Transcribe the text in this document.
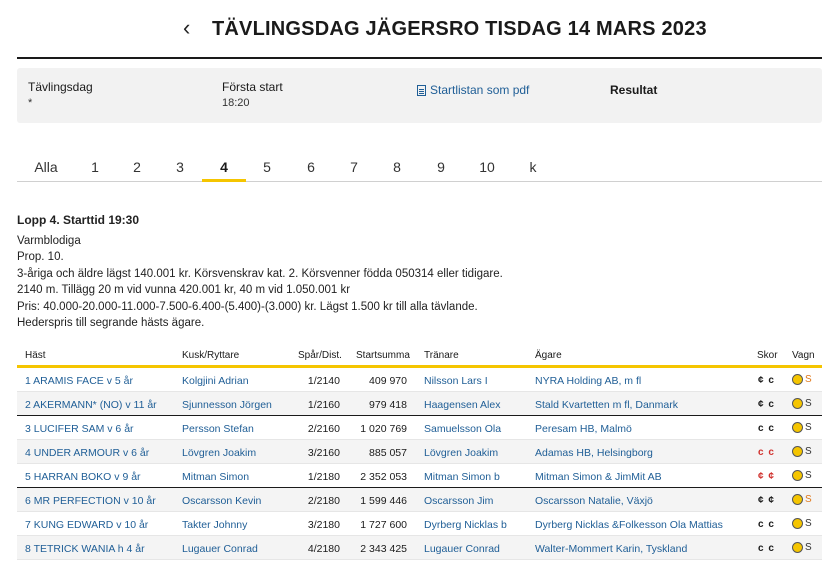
‹ TÄVLINGSDAG JÄGERSRO TISDAG 14 MARS 2023
Tävlingsdag
*
Första start
18:20
Startlistan som pdf	Resultat
Alla	1	2	3	4	5	6	7	8	9	10	k
Lopp 4. Starttid 19:30
Varmblodiga
Prop. 10.
3-åriga och äldre lägst 140.001 kr. Körsvenskrav kat. 2. Körsvenner födda 050314 eller tidigare.
2140 m. Tillägg 20 m vid vunna 420.001 kr, 40 m vid 1.050.001 kr
Pris: 40.000-20.000-11.000-7.500-6.400-(5.400)-(3.000) kr. Lägst 1.500 kr till alla tävlande.
Hederspris till segrande hästs ägare.
Häst	Kusk/Ryttare	Spår/Dist. Startsumma Tränare	Ägare	Skor Vagn
1 ARAMIS FACE v 5 år	Kolgjini Adrian	1/2140	409 970 Nilsson Lars I	NYRA Holding AB, m fl	¢ c	S
2 AKERMANN* (NO) v 11 år Sjunnesson Jörgen	1/2160	979 418 Haagensen Alex	Stald Kvartetten m fl, Danmark	¢ c	S
3 LUCIFER SAM v 6 år	Persson Stefan	2/2160	1 020 769 Samuelsson Ola	Peresam HB, Malmö	c c	S
4 UNDER ARMOUR v 6 år	Lövgren Joakim	3/2160	885 057 Lövgren Joakim	Adamas HB, Helsingborg	c c	S
5 HARRAN BOKO v 9 år	Mitman Simon	1/2180	2 352 053 Mitman Simon b	Mitman Simon & JimMit AB	¢ ¢	S
6 MR PERFECTION v 10 år	Oscarsson Kevin	2/2180	1 599 446 Oscarsson Jim	Oscarsson Natalie, Växjö	¢ ¢	S
7 KUNG EDWARD v 10 år	Takter Johnny	3/2180	1 727 600 Dyrberg Nicklas b	Dyrberg Nicklas &Folkesson Ola Mattias	c c	S
8 TETRICK WANIA h 4 år	Lugauer Conrad	4/2180	2 343 425 Lugauer Conrad	Walter-Mommert Karin, Tyskland	c c	S
